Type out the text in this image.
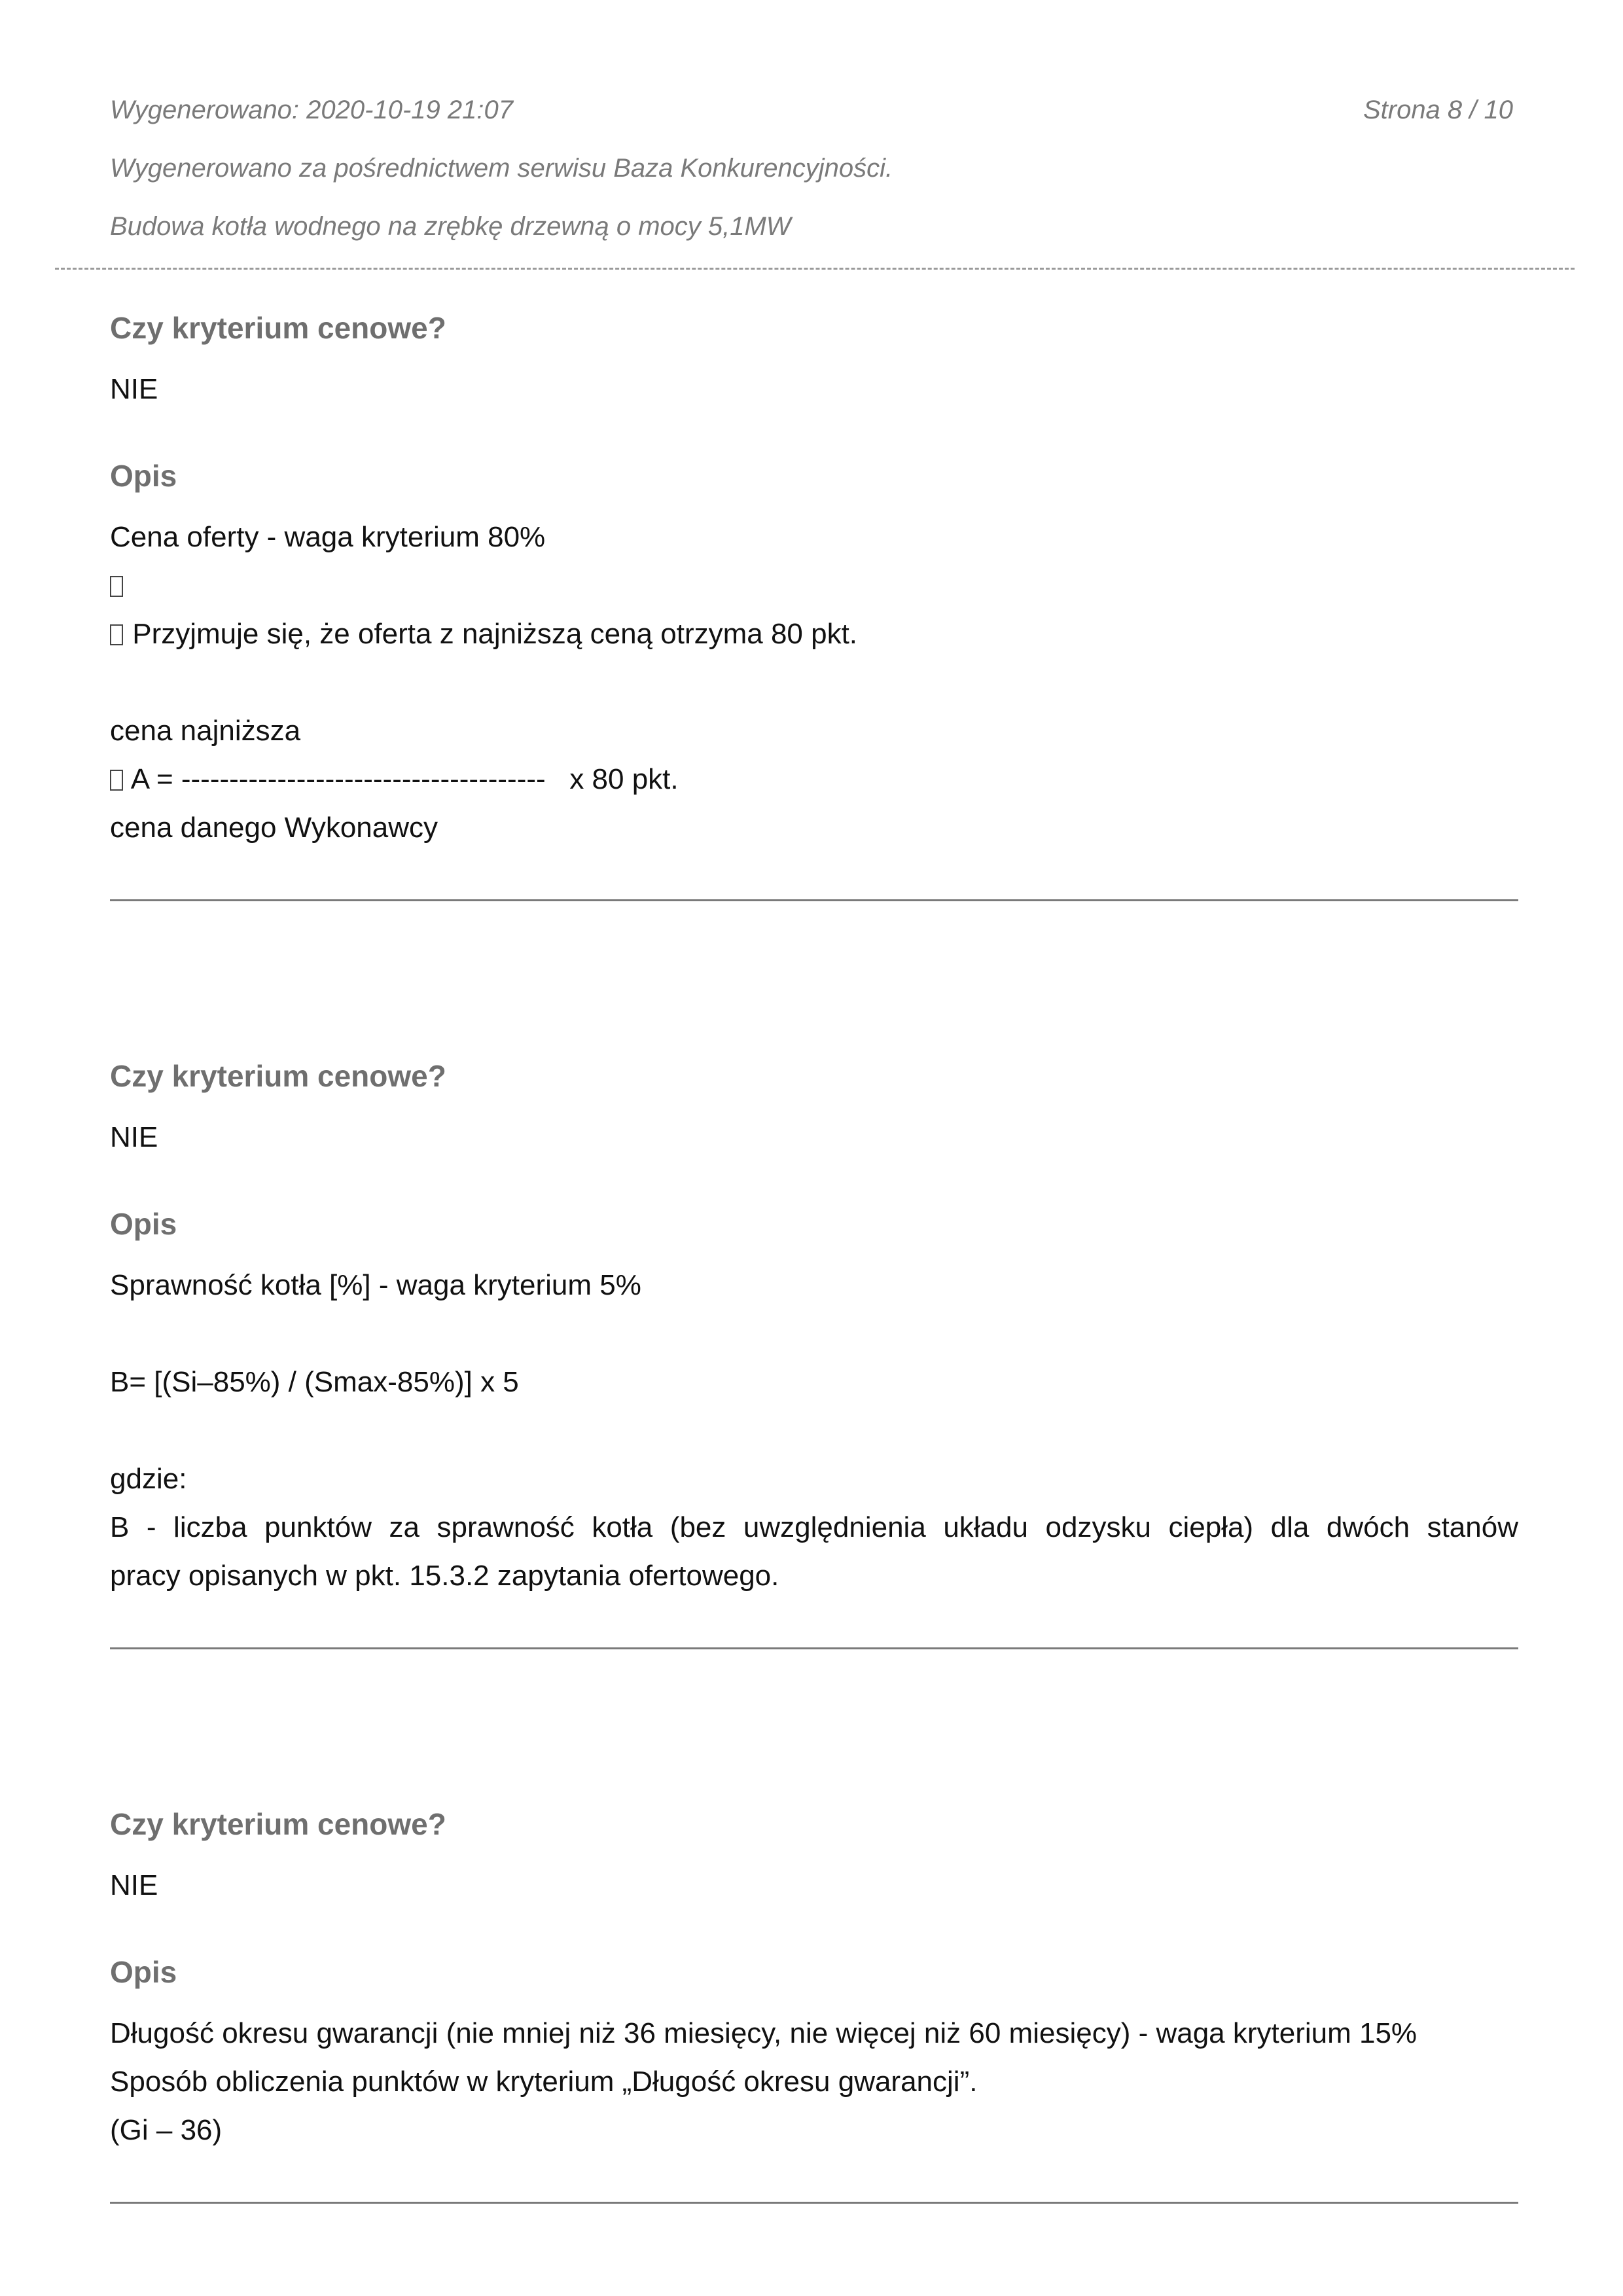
Wygenerowano: 2020-10-19 21:07	Strona 8 / 10
Wygenerowano za pośrednictwem serwisu Baza Konkurencyjności.
Budowa kotła wodnego na zrębkę drzewną o mocy 5,1MW
Czy kryterium cenowe?
NIE
Opis
Cena oferty - waga kryterium 80%
Przyjmuje się, że oferta z najniższą ceną otrzyma 80 pkt.
cena najniższa
A = --------------------------------------   x 80 pkt.
cena danego Wykonawcy
Czy kryterium cenowe?
NIE
Opis
Sprawność kotła [%] - waga kryterium 5%
B= [(Si–85%) / (Smax-85%)] x 5
gdzie:
B - liczba punktów za sprawność kotła (bez uwzględnienia układu odzysku ciepła) dla dwóch stanów
pracy opisanych w pkt. 15.3.2 zapytania ofertowego.
Czy kryterium cenowe?
NIE
Opis
Długość okresu gwarancji (nie mniej niż 36 miesięcy, nie więcej niż 60 miesięcy) - waga kryterium 15%
Sposób obliczenia punktów w kryterium „Długość okresu gwarancji”.
(Gi – 36)
